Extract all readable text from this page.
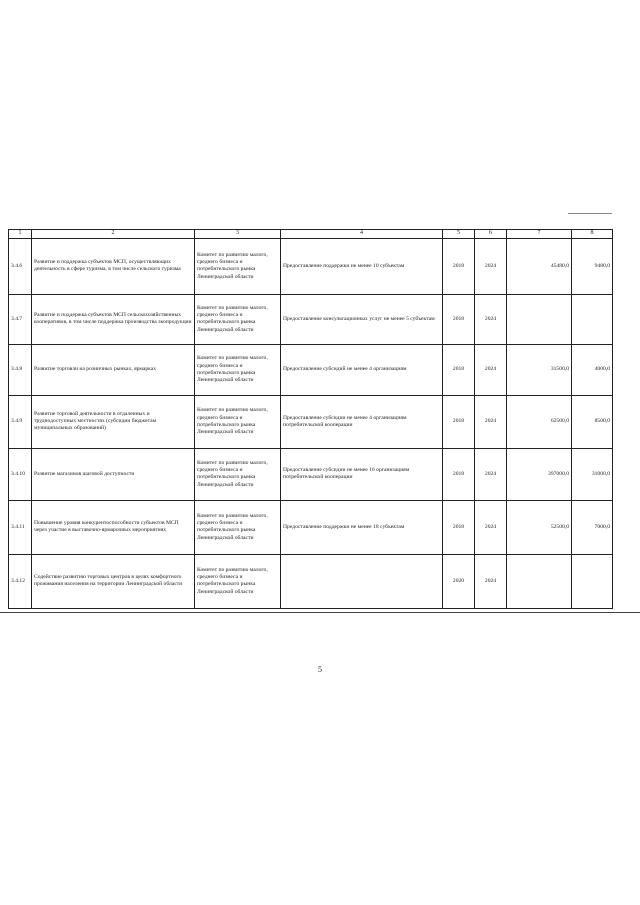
1	2	3	4	5	6	7	8
3.4.6	Развитие и поддержка субъектов МСП, осуществляющих деятельность в сфере туризма, в том числе сельского туризма	Комитет по развитию малого, среднего бизнеса и потребительского рынка Ленинградской области	Предоставление поддержки не менее 10 субъектам	2018	2024	45480,0	9480,0
3.4.7	Развитие и поддержка субъектов МСП сельскохозяйственных кооперативов, в том числе поддержка производства экопродукции	Комитет по развитию малого, среднего бизнеса и потребительского рынка Ленинградской области	Предоставление консультационных услуг не менее 5 субъектам	2018	2024		
3.4.8	Развитие торговли на розничных рынках, ярмарках	Комитет по развитию малого, среднего бизнеса и потребительского рынка Ленинградской области	Предоставление субсидий не менее 4 организациям	2018	2024	31500,0	4000,0
3.4.9	Развитие торговой деятельности в отдаленных и труднодоступных местностях (субсидии бюджетам муниципальных образований)	Комитет по развитию малого, среднего бизнеса и потребительского рынка Ленинградской области	Предоставление субсидии не менее 4 организациям потребительской кооперации	2018	2024	62500,0	8500,0
3.4.10	Развитие магазинов шаговой доступности	Комитет по развитию малого, среднего бизнеса и потребительского рынка Ленинградской области	Предоставление субсидии не менее 16 организациям потребительской кооперации	2018	2024	397000,0	31000,0
3.4.11	Повышение уровня конкурентоспособности субъектов МСП через участие в выставочно-ярмарочных мероприятиях	Комитет по развитию малого, среднего бизнеса и потребительского рынка Ленинградской области	Предоставление поддержки не менее 18 субъектам	2018	2024	52500,0	7000,0
3.4.12	Содействие развитию торговых центров в целях комфортного проживания населения на территории Ленинградской области	Комитет по развитию малого, среднего бизнеса и потребительского рынка Ленинградской области		2020	2024		
5
